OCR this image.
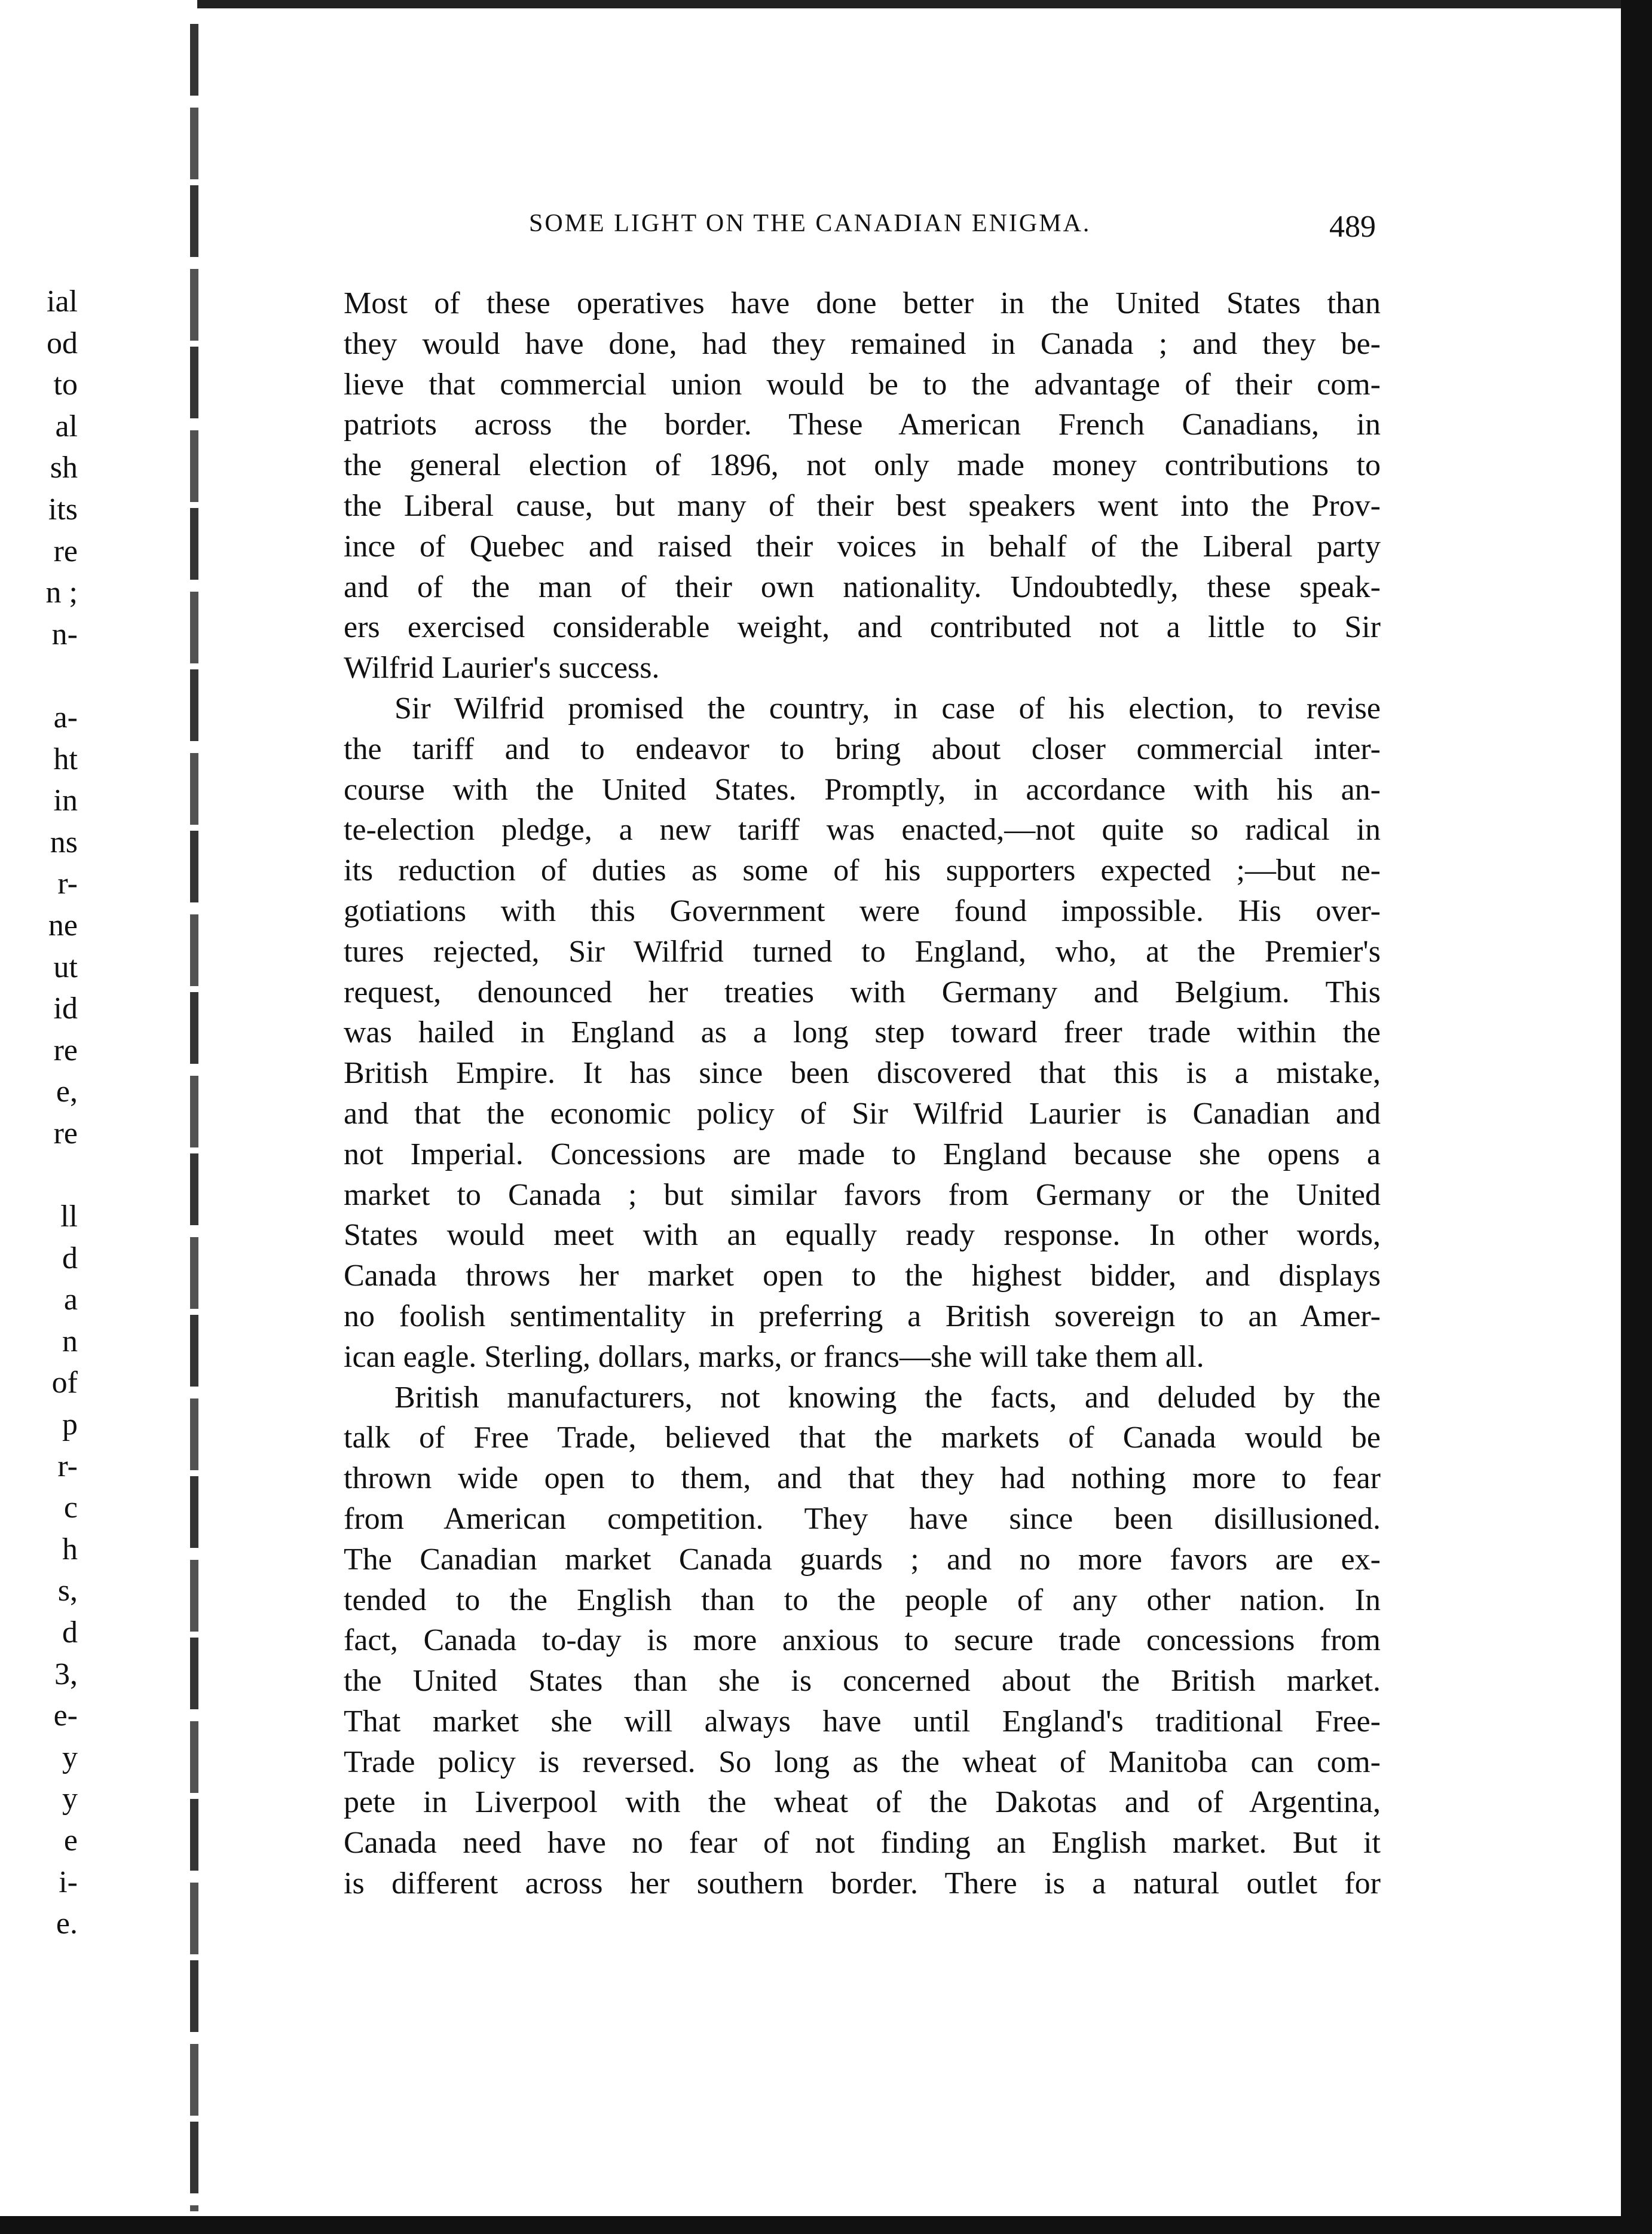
ial
od
to
al
sh
its
re
n ;
n-
a-
ht
in
ns
r-
ne
ut
id
re
e,
re
ll
d
a
n
of
p
r-
c
h
s,
d
3,
e-
y
y
e
i-
e.
SOME LIGHT ON THE CANADIAN ENIGMA.	489
Most of these operatives have done better in the United States than
they would have done, had they remained in Canada ; and they be-
lieve that commercial union would be to the advantage of their com-
patriots across the border. These American French Canadians, in
the general election of 1896, not only made money contributions to
the Liberal cause, but many of their best speakers went into the Prov-
ince of Quebec and raised their voices in behalf of the Liberal party
and of the man of their own nationality. Undoubtedly, these speak-
ers exercised considerable weight, and contributed not a little to Sir
Wilfrid Laurier's success.
Sir Wilfrid promised the country, in case of his election, to revise
the tariff and to endeavor to bring about closer commercial inter-
course with the United States. Promptly, in accordance with his an-
te-election pledge, a new tariff was enacted,—not quite so radical in
its reduction of duties as some of his supporters expected ;—but ne-
gotiations with this Government were found impossible. His over-
tures rejected, Sir Wilfrid turned to England, who, at the Premier's
request, denounced her treaties with Germany and Belgium. This
was hailed in England as a long step toward freer trade within the
British Empire. It has since been discovered that this is a mistake,
and that the economic policy of Sir Wilfrid Laurier is Canadian and
not Imperial. Concessions are made to England because she opens a
market to Canada ; but similar favors from Germany or the United
States would meet with an equally ready response. In other words,
Canada throws her market open to the highest bidder, and displays
no foolish sentimentality in preferring a British sovereign to an Amer-
ican eagle. Sterling, dollars, marks, or francs—she will take them all.
British manufacturers, not knowing the facts, and deluded by the
talk of Free Trade, believed that the markets of Canada would be
thrown wide open to them, and that they had nothing more to fear
from American competition. They have since been disillusioned.
The Canadian market Canada guards ; and no more favors are ex-
tended to the English than to the people of any other nation. In
fact, Canada to-day is more anxious to secure trade concessions from
the United States than she is concerned about the British market.
That market she will always have until England's traditional Free-
Trade policy is reversed. So long as the wheat of Manitoba can com-
pete in Liverpool with the wheat of the Dakotas and of Argentina,
Canada need have no fear of not finding an English market. But it
is different across her southern border. There is a natural outlet for
